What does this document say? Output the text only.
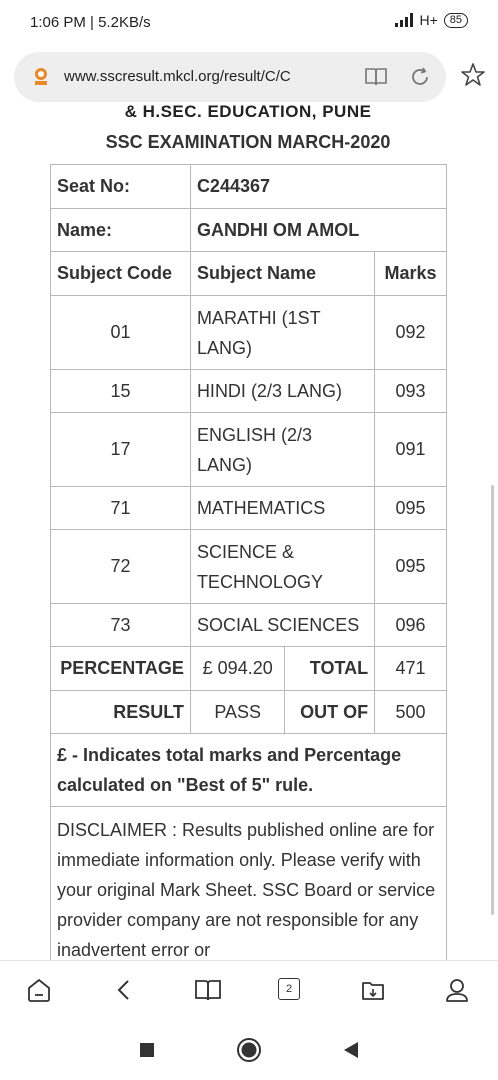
1:06 PM | 5.2KB/s	H+	85
www.sscresult.mkcl.org/result/C/C
& H.SEC. EDUCATION, PUNE
SSC EXAMINATION MARCH-2020
Seat No:	C244367		
Name:	GANDHI OM AMOL		
Subject Code	Subject Name		Marks
01	MARATHI (1ST LANG)		092
15	HINDI (2/3 LANG)		093
17	ENGLISH (2/3 LANG)		091
71	MATHEMATICS		095
72	SCIENCE & TECHNOLOGY		095
73	SOCIAL SCIENCES		096
PERCENTAGE	£ 094.20	TOTAL	471
RESULT	PASS	OUT OF	500
£ - Indicates total marks and Percentage calculated on "Best of 5" rule.			
DISCLAIMER : Results published online are for immediate information only. Please verify with your original Mark Sheet. SSC Board or service provider company are not responsible for any inadvertent error or			
2
